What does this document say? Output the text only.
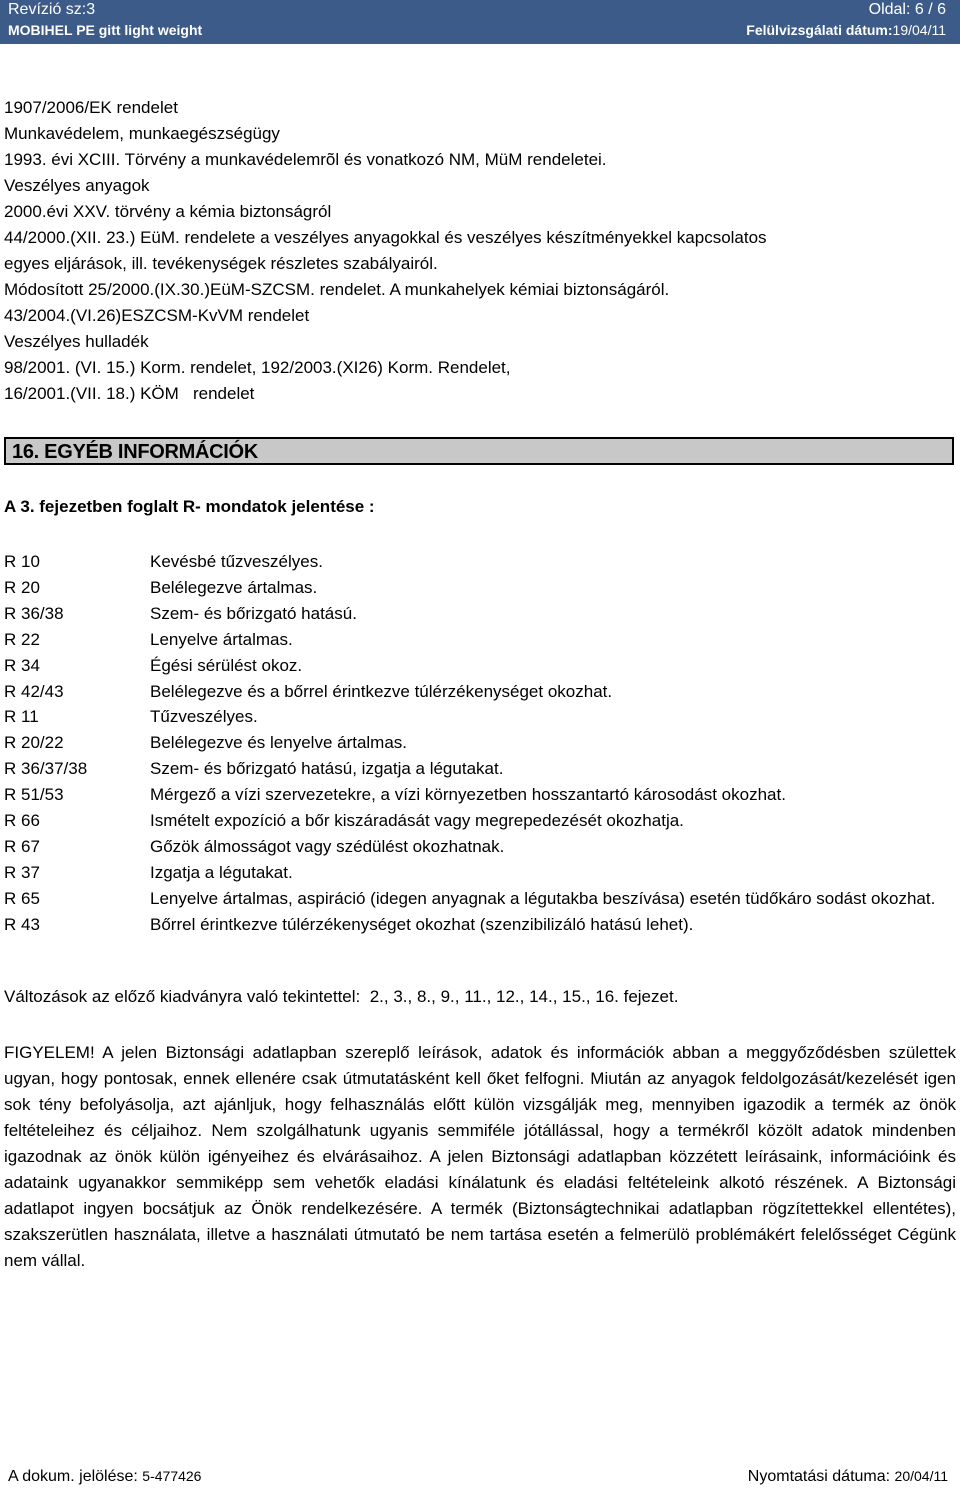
Revízió sz:3	Oldal: 6 / 6
MOBIHEL PE gitt light weight	Felülvizsgálati dátum:19/04/11
1907/2006/EK rendelet
Munkavédelem, munkaegészségügy
1993. évi XCIII. Törvény a munkavédelemrõl és vonatkozó NM, MüM rendeletei.
Veszélyes anyagok
2000.évi XXV. törvény a kémia biztonságról
44/2000.(XII. 23.) EüM. rendelete a veszélyes anyagokkal és veszélyes készítményekkel kapcsolatos
egyes eljárások, ill. tevékenységek részletes szabályairól.
Módosított 25/2000.(IX.30.)EüM-SZCSM. rendelet. A munkahelyek kémiai biztonságáról.
43/2004.(VI.26)ESZCSM-KvVM rendelet
Veszélyes hulladék
98/2001. (VI. 15.) Korm. rendelet, 192/2003.(XI26) Korm. Rendelet,
16/2001.(VII. 18.) KÖM   rendelet
16. EGYÉB INFORMÁCIÓK
A 3. fejezetben foglalt R- mondatok jelentése :
R 10	Kevésbé tűzveszélyes.
R 20	Belélegezve ártalmas.
R 36/38	Szem- és bőrizgató hatású.
R 22	Lenyelve ártalmas.
R 34	Égési sérülést okoz.
R 42/43	Belélegezve és a bőrrel érintkezve túlérzékenységet okozhat.
R 11	Tűzveszélyes.
R 20/22	Belélegezve és lenyelve ártalmas.
R 36/37/38	Szem- és bőrizgató hatású, izgatja a légutakat.
R 51/53	Mérgező a vízi szervezetekre, a vízi környezetben hosszantartó károsodást okozhat.
R 66	Ismételt expozíció a bőr kiszáradását vagy megrepedezését okozhatja.
R 67	Gőzök álmosságot vagy szédülést okozhatnak.
R 37	Izgatja a légutakat.
R 65	Lenyelve ártalmas, aspiráció (idegen anyagnak a légutakba beszívása) esetén tüdőkáro sodást okozhat.
R 43	Bőrrel érintkezve túlérzékenységet okozhat (szenzibilizáló hatású lehet).
Változások az előző kiadványra való tekintettel:  2., 3., 8., 9., 11., 12., 14., 15., 16. fejezet.
FIGYELEM! A jelen Biztonsági adatlapban szereplő leírások, adatok és információk abban a meggyőződésben születtek ugyan, hogy pontosak, ennek ellenére csak útmutatásként kell őket felfogni. Miután az anyagok feldolgozását/kezelését igen sok tény befolyásolja, azt ajánljuk, hogy felhasználás előtt külön vizsgálják meg, mennyiben igazodik a termék az önök feltételeihez és céljaihoz. Nem szolgálhatunk ugyanis semmiféle jótállással, hogy a termékről közölt adatok mindenben igazodnak az önök külön igényeihez és elvárásaihoz. A jelen Biztonsági adatlapban közzétett leírásaink, információink és adataink ugyanakkor semmiképp sem vehetők eladási kínálatunk és eladási feltételeink alkotó részének. A Biztonsági adatlapot ingyen bocsátjuk az Önök rendelkezésére. A termék (Biztonságtechnikai adatlapban rögzítettekkel ellentétes), szakszerütlen használata, illetve a használati útmutató be nem tartása esetén a felmerülö problémákért felelősséget Cégünk nem vállal.
A dokum. jelölése: 5-477426	Nyomtatási dátuma: 20/04/11
